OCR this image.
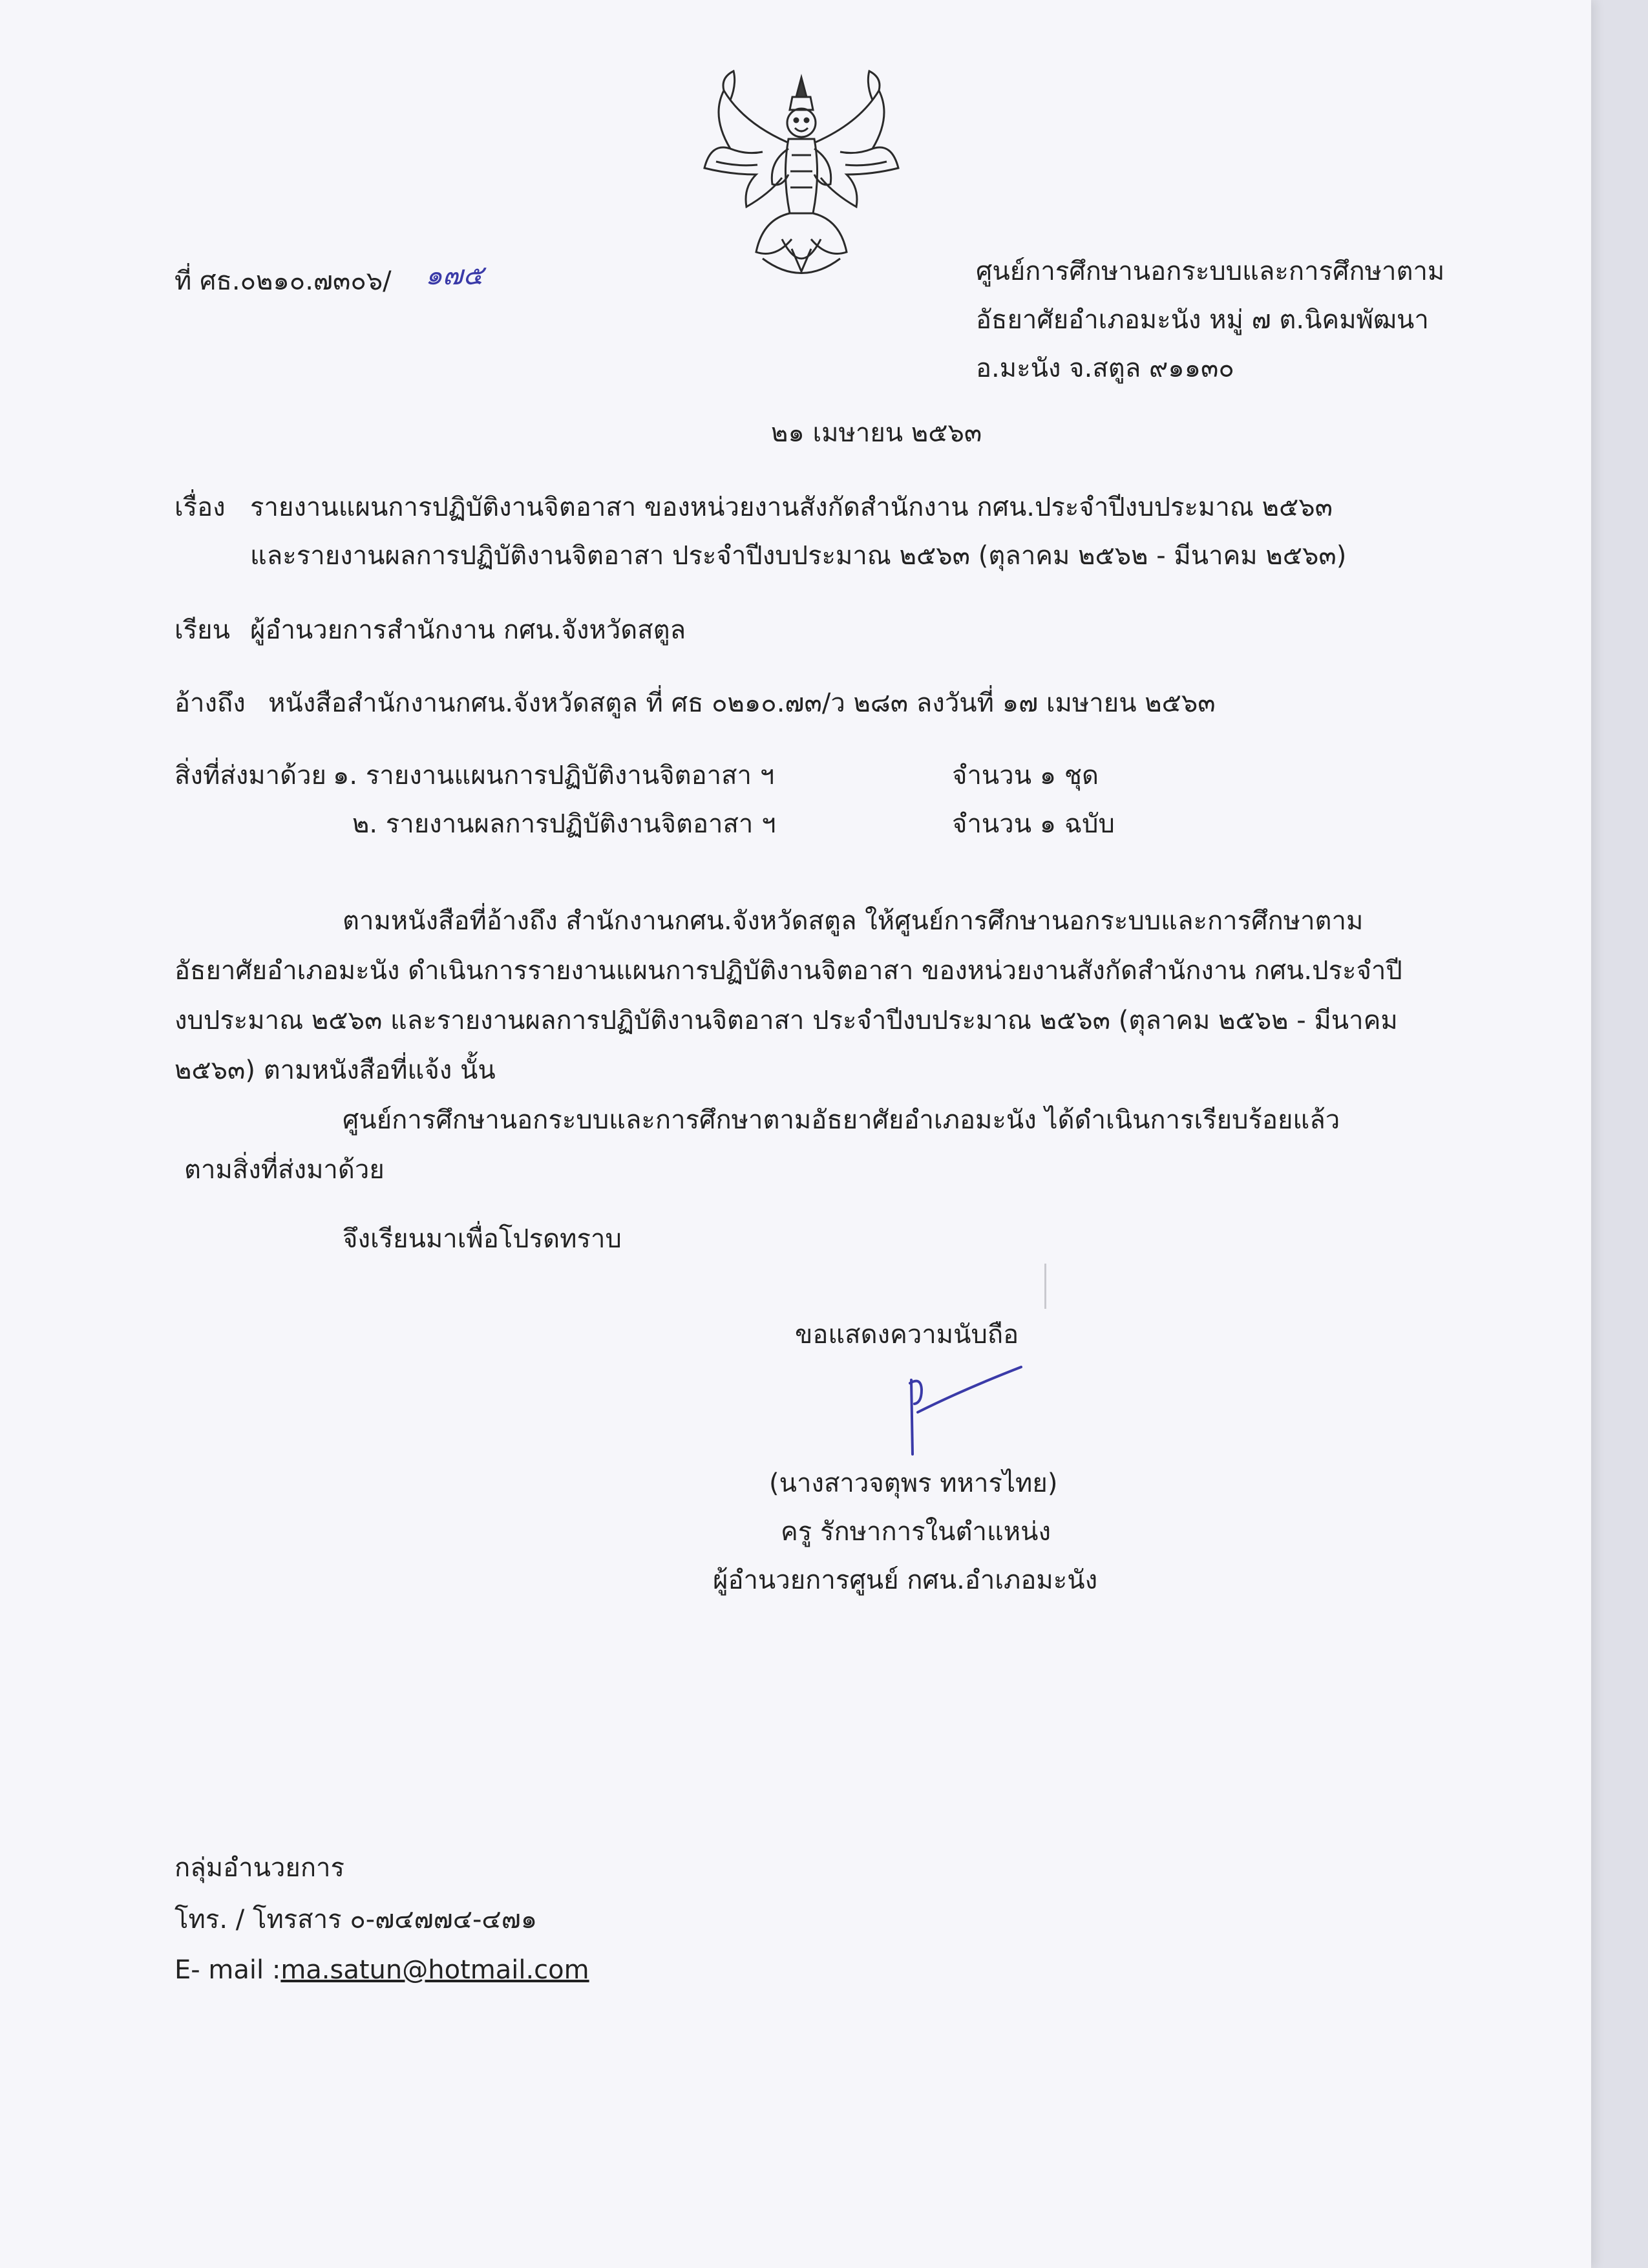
ที่ ศธ.๐๒๑๐.๗๓๐๖/ ๑๗๕	ศูนย์การศึกษานอกระบบและการศึกษาตาม

อัธยาศัยอำเภอมะนัง หมู่ ๗ ต.นิคมพัฒนา

อ.มะนัง จ.สตูล ๙๑๑๓๐

๒๑ เมษายน ๒๕๖๓

เรื่อง รายงานแผนการปฏิบัติงานจิตอาสา ของหน่วยงานสังกัดสำนักงาน กศน.ประจำปีงบประมาณ ๒๕๖๓

และรายงานผลการปฏิบัติงานจิตอาสา ประจำปีงบประมาณ ๒๕๖๓ (ตุลาคม ๒๕๖๒ - มีนาคม ๒๕๖๓)

เรียน ผู้อำนวยการสำนักงาน กศน.จังหวัดสตูล

อ้างถึง หนังสือสำนักงานกศน.จังหวัดสตูล ที่ ศธ ๐๒๑๐.๗๓/ว ๒๘๓ ลงวันที่ ๑๗ เมษายน ๒๕๖๓

สิ่งที่ส่งมาด้วย ๑. รายงานแผนการปฏิบัติงานจิตอาสา ฯ	จำนวน ๑ ชุด

๒. รายงานผลการปฏิบัติงานจิตอาสา ฯ	จำนวน ๑ ฉบับ

ตามหนังสือที่อ้างถึง สำนักงานกศน.จังหวัดสตูล ให้ศูนย์การศึกษานอกระบบและการศึกษาตาม

อัธยาศัยอำเภอมะนัง ดำเนินการรายงานแผนการปฏิบัติงานจิตอาสา ของหน่วยงานสังกัดสำนักงาน กศน.ประจำปี

งบประมาณ ๒๕๖๓ และรายงานผลการปฏิบัติงานจิตอาสา ประจำปีงบประมาณ ๒๕๖๓ (ตุลาคม ๒๕๖๒ - มีนาคม

๒๕๖๓) ตามหนังสือที่แจ้ง นั้น

ศูนย์การศึกษานอกระบบและการศึกษาตามอัธยาศัยอำเภอมะนัง ได้ดำเนินการเรียบร้อยแล้ว

ตามสิ่งที่ส่งมาด้วย

จึงเรียนมาเพื่อโปรดทราบ

ขอแสดงความนับถือ

(นางสาวจตุพร ทหารไทย)

ครู รักษาการในตำแหน่ง

ผู้อำนวยการศูนย์ กศน.อำเภอมะนัง

กลุ่มอำนวยการ

โทร. / โทรสาร ๐-๗๔๗๗๔-๔๗๑

E- mail :ma.satun@hotmail.com
